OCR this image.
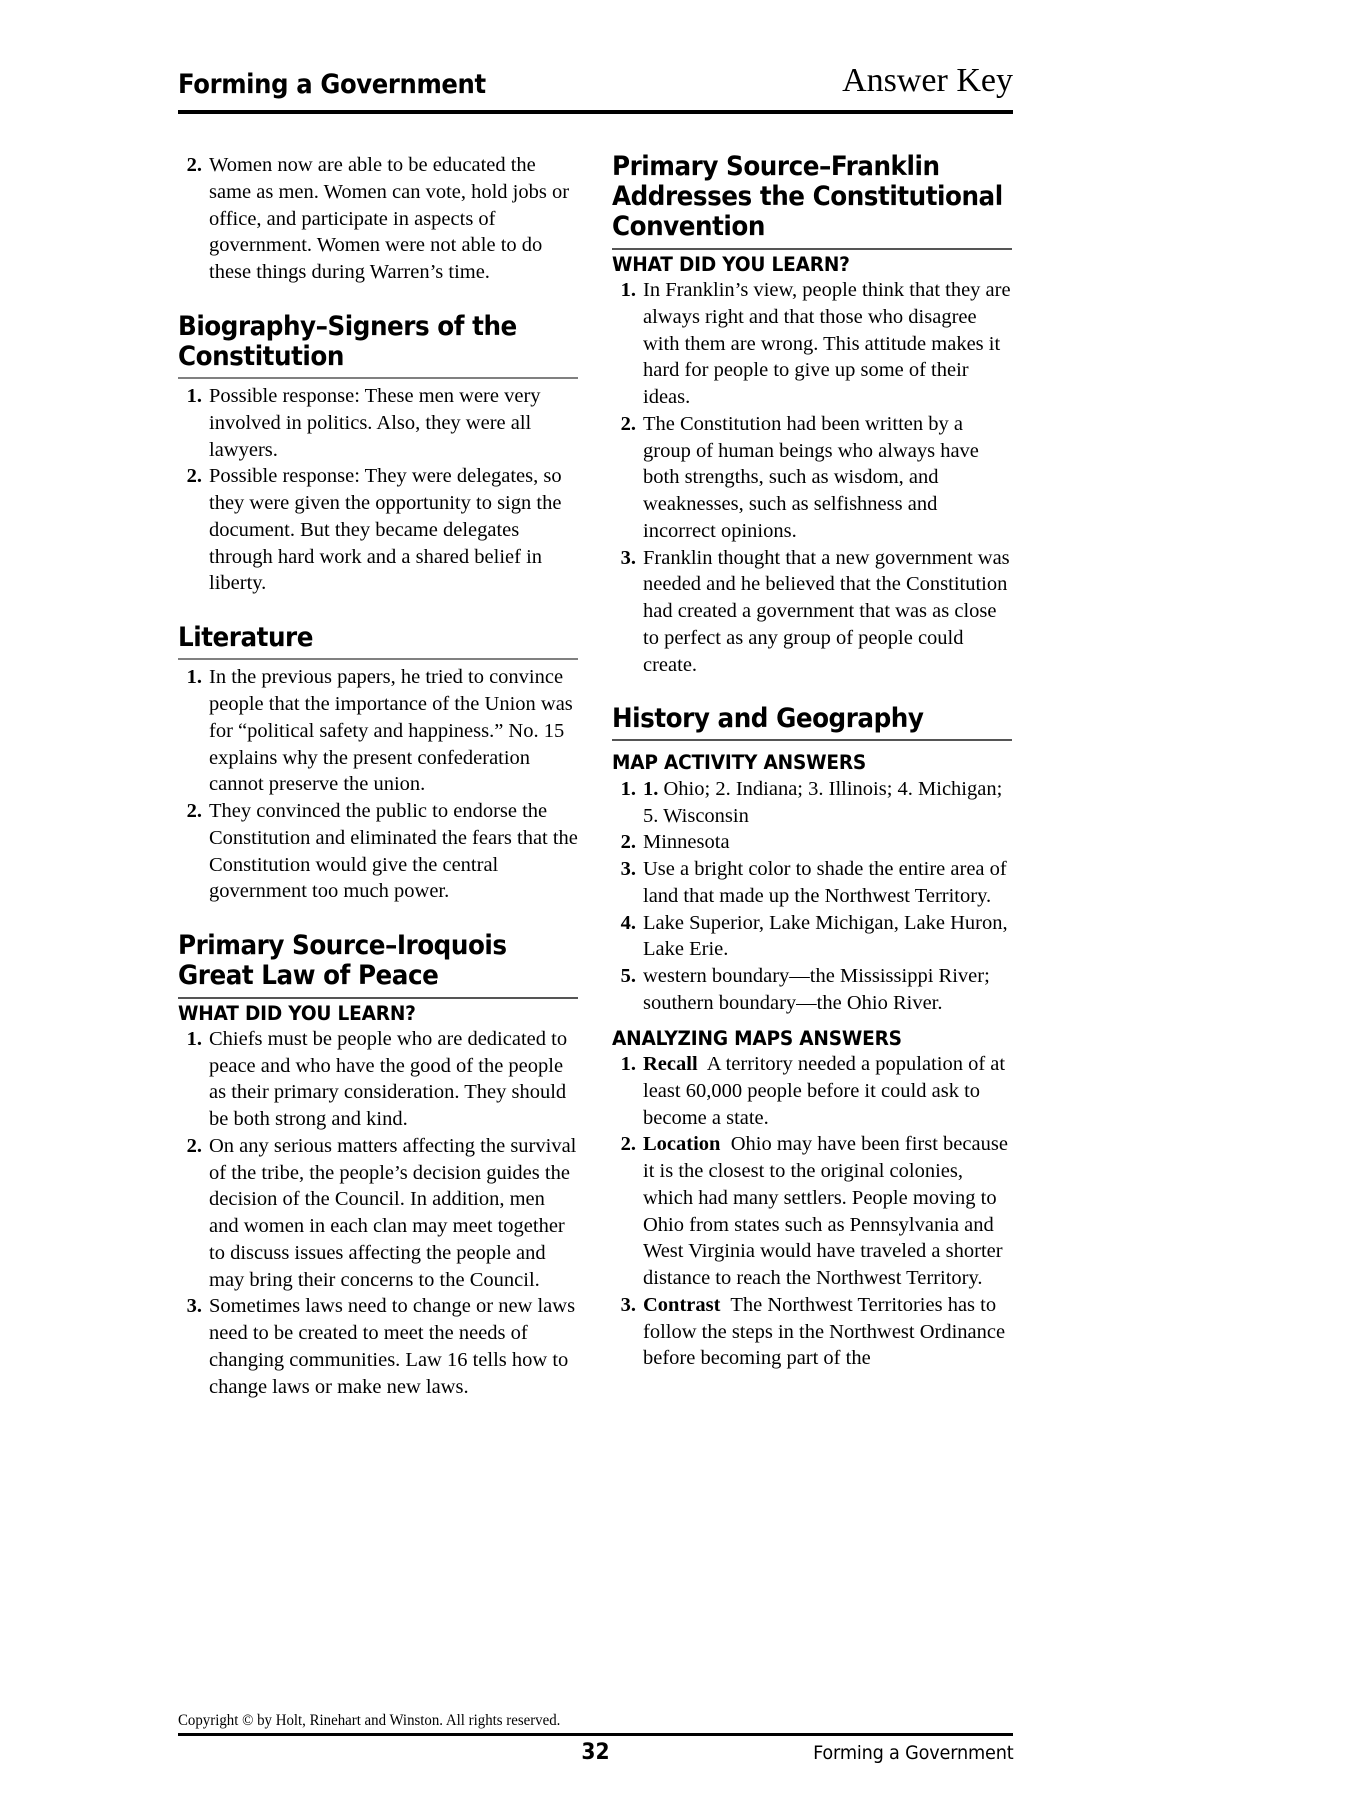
Forming a Government	Answer Key
2. Women now are able to be educated the same as men. Women can vote, hold jobs or office, and participate in aspects of government. Women were not able to do these things during Warren’s time.
Biography–Signers of the Constitution
1. Possible response: These men were very involved in politics. Also, they were all lawyers.
2. Possible response: They were delegates, so they were given the opportunity to sign the document. But they became delegates through hard work and a shared belief in liberty.
Literature
1. In the previous papers, he tried to convince people that the importance of the Union was for “political safety and happiness.” No. 15 explains why the present confederation cannot preserve the union.
2. They convinced the public to endorse the Constitution and eliminated the fears that the Constitution would give the central government too much power.
Primary Source–Iroquois Great Law of Peace
WHAT DID YOU LEARN?
1. Chiefs must be people who are dedicated to peace and who have the good of the people as their primary consideration. They should be both strong and kind.
2. On any serious matters affecting the survival of the tribe, the people’s decision guides the decision of the Council. In addition, men and women in each clan may meet together to discuss issues affecting the people and may bring their concerns to the Council.
3. Sometimes laws need to change or new laws need to be created to meet the needs of changing communities. Law 16 tells how to change laws or make new laws.
Primary Source–Franklin Addresses the Constitutional Convention
WHAT DID YOU LEARN?
1. In Franklin’s view, people think that they are always right and that those who disagree with them are wrong. This attitude makes it hard for people to give up some of their ideas.
2. The Constitution had been written by a group of human beings who always have both strengths, such as wisdom, and weaknesses, such as selfishness and incorrect opinions.
3. Franklin thought that a new government was needed and he believed that the Constitution had created a government that was as close to perfect as any group of people could create.
History and Geography
MAP ACTIVITY ANSWERS
1. 1. Ohio; 2. Indiana; 3. Illinois; 4. Michigan; 5. Wisconsin
2. Minnesota
3. Use a bright color to shade the entire area of land that made up the Northwest Territory.
4. Lake Superior, Lake Michigan, Lake Huron, Lake Erie.
5. western boundary—the Mississippi River; southern boundary—the Ohio River.
ANALYZING MAPS ANSWERS
1. Recall A territory needed a population of at least 60,000 people before it could ask to become a state.
2. Location Ohio may have been first because it is the closest to the original colonies, which had many settlers. People moving to Ohio from states such as Pennsylvania and West Virginia would have traveled a shorter distance to reach the Northwest Territory.
3. Contrast The Northwest Territories has to follow the steps in the Northwest Ordinance before becoming part of the
Copyright © by Holt, Rinehart and Winston. All rights reserved.
32	Forming a Government
